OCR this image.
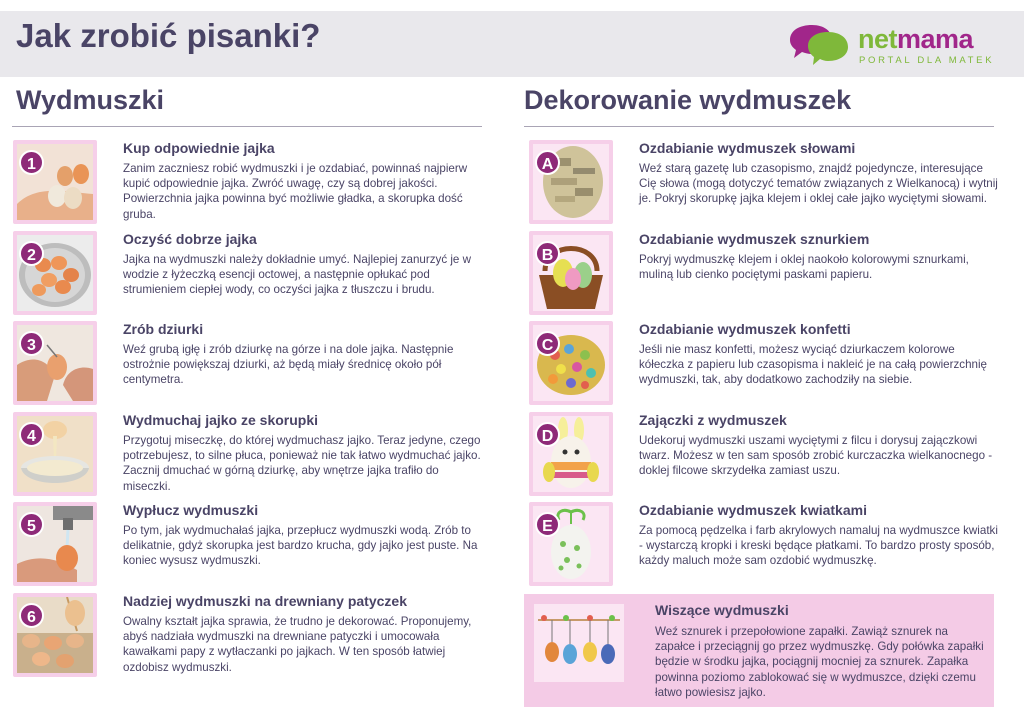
Jak zrobić pisanki?	netmama
PORTAL DLA MATEK
Wydmuszki	Dekorowanie wydmuszek
1
Kup odpowiednie jajka
Zanim zaczniesz robić wydmuszki i je ozdabiać, powinnaś najpierw kupić odpowiednie jajka. Zwróć uwagę, czy są dobrej jakości. Powierzchnia jajka powinna być możliwie gładka, a skorupka dość gruba.
2
Oczyść dobrze jajka
Jajka na wydmuszki należy dokładnie umyć. Najlepiej zanurzyć je w wodzie z łyżeczką esencji octowej, a następnie opłukać pod strumieniem ciepłej wody, co oczyści jajka z tłuszczu i brudu.
3
Zrób dziurki
Weź grubą igłę i zrób dziurkę na górze i na dole jajka. Następnie ostrożnie powiększaj dziurki, aż będą miały średnicę około pół centymetra.
4
Wydmuchaj jajko ze skorupki
Przygotuj miseczkę, do której wydmuchasz jajko. Teraz jedyne, czego potrzebujesz, to silne płuca, ponieważ nie tak łatwo wydmuchać jajko. Zacznij dmuchać w górną dziurkę, aby wnętrze jajka trafiło do miseczki.
5
Wypłucz wydmuszki
Po tym, jak wydmuchałaś jajka, przepłucz wydmuszki wodą. Zrób to delikatnie, gdyż skorupka jest bardzo krucha, gdy jajko jest puste. Na koniec wysusz wydmuszki.
6
Nadziej wydmuszki na drewniany patyczek
Owalny kształt jajka sprawia, że trudno je dekorować. Proponujemy, abyś nadziała wydmuszki na drewniane patyczki i umocowała kawałkami papy z wytłaczanki po jajkach. W ten sposób łatwiej ozdobisz wydmuszki.
A
Ozdabianie wydmuszek słowami
Weź starą gazetę lub czasopismo, znajdź pojedyncze, interesujące Cię słowa (mogą dotyczyć tematów związanych z Wielkanocą) i wytnij je. Pokryj skorupkę jajka klejem i oklej całe jajko wyciętymi słowami.
B
Ozdabianie wydmuszek sznurkiem
Pokryj wydmuszkę klejem i oklej naokoło kolorowymi sznurkami, muliną lub cienko pociętymi paskami papieru.
C
Ozdabianie wydmuszek konfetti
Jeśli nie masz konfetti, możesz wyciąć dziurkaczem kolorowe kółeczka z papieru lub czasopisma i nakleić je na całą powierzchnię wydmuszki, tak, aby dodatkowo zachodziły na siebie.
D
Zajączki z wydmuszek
Udekoruj wydmuszki uszami wyciętymi z filcu i dorysuj zajączkowi twarz. Możesz w ten sam sposób zrobić kurczaczka wielkanocnego - doklej filcowe skrzydełka zamiast uszu.
E
Ozdabianie wydmuszek kwiatkami
Za pomocą pędzelka i farb akrylowych namaluj na wydmuszce kwiatki - wystarczą kropki i kreski będące płatkami. To bardzo prosty sposób, każdy maluch może sam ozdobić wydmuszkę.
Wiszące wydmuszki
Weź sznurek i przepołowione zapałki. Zawiąż sznurek na zapałce i przeciągnij go przez wydmuszkę. Gdy połówka zapałki będzie w środku jajka, pociągnij mocniej za sznurek. Zapałka powinna poziomo zablokować się w wydmuszce, dzięki czemu łatwo powiesisz jajko.
